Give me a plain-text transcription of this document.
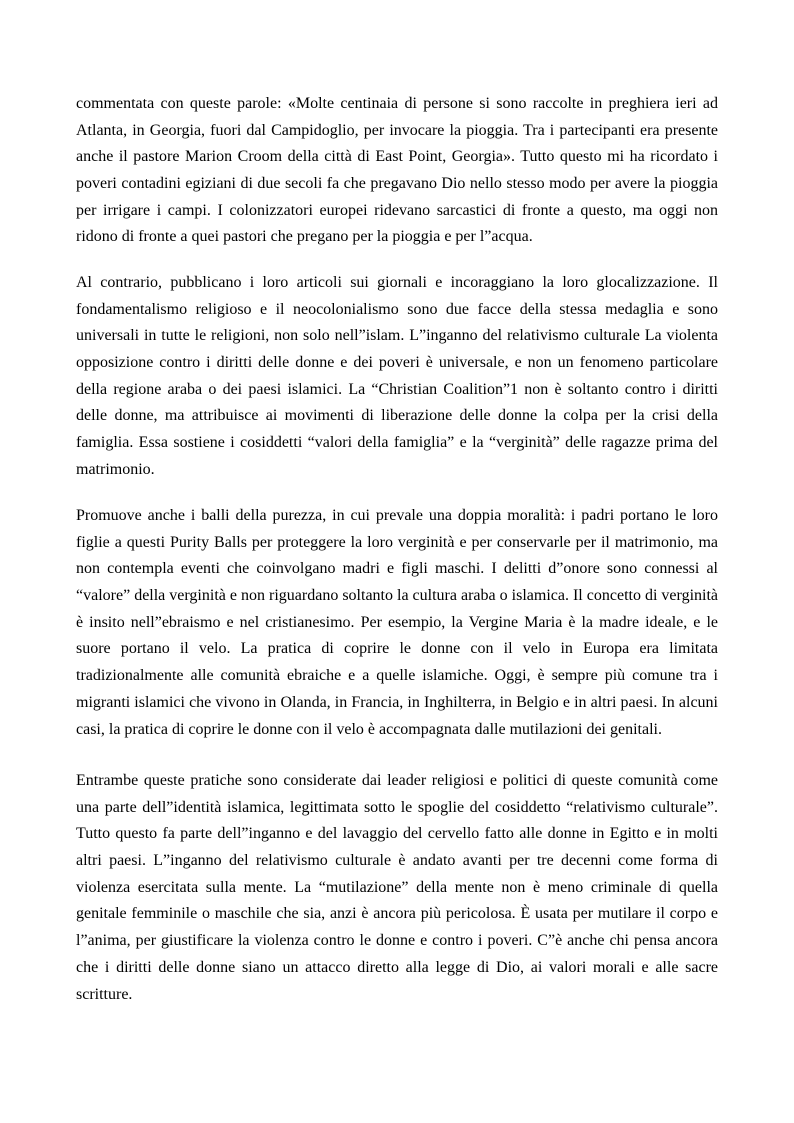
commentata con queste parole: «Molte centinaia di persone si sono raccolte in preghiera ieri ad
Atlanta, in Georgia, fuori dal Campidoglio, per invocare la pioggia. Tra i partecipanti era presente
anche il pastore Marion Croom della città di East Point, Georgia». Tutto questo mi ha ricordato i
poveri contadini egiziani di due secoli fa che pregavano Dio nello stesso modo per avere la pioggia
per irrigare i campi. I colonizzatori europei ridevano sarcastici di fronte a questo, ma oggi non
ridono di fronte a quei pastori che pregano per la pioggia e per l”acqua.
Al contrario, pubblicano i loro articoli sui giornali e incoraggiano la loro glocalizzazione. Il
fondamentalismo religioso e il neocolonialismo sono due facce della stessa medaglia e sono
universali in tutte le religioni, non solo nell”islam. L”inganno del relativismo culturale La violenta
opposizione contro i diritti delle donne e dei poveri è universale, e non un fenomeno particolare
della regione araba o dei paesi islamici. La “Christian Coalition”1 non è soltanto contro i diritti
delle donne, ma attribuisce ai movimenti di liberazione delle donne la colpa per la crisi della
famiglia. Essa sostiene i cosiddetti “valori della famiglia” e la “verginità” delle ragazze prima del
matrimonio.
Promuove anche i balli della purezza, in cui prevale una doppia moralità: i padri portano le loro
figlie a questi Purity Balls per proteggere la loro verginità e per conservarle per il matrimonio, ma
non contempla eventi che coinvolgano madri e figli maschi. I delitti d”onore sono connessi al
“valore” della verginità e non riguardano soltanto la cultura araba o islamica. Il concetto di verginità
è insito nell”ebraismo e nel cristianesimo. Per esempio, la Vergine Maria è la madre ideale, e le
suore portano il velo. La pratica di coprire le donne con il velo in Europa era limitata
tradizionalmente alle comunità ebraiche e a quelle islamiche. Oggi, è sempre più comune tra i
migranti islamici che vivono in Olanda, in Francia, in Inghilterra, in Belgio e in altri paesi. In alcuni
casi, la pratica di coprire le donne con il velo è accompagnata dalle mutilazioni dei genitali.
Entrambe queste pratiche sono considerate dai leader religiosi e politici di queste comunità come
una parte dell”identità islamica, legittimata sotto le spoglie del cosiddetto “relativismo culturale”.
Tutto questo fa parte dell”inganno e del lavaggio del cervello fatto alle donne in Egitto e in molti
altri paesi. L”inganno del relativismo culturale è andato avanti per tre decenni come forma di
violenza esercitata sulla mente. La “mutilazione” della mente non è meno criminale di quella
genitale femminile o maschile che sia, anzi è ancora più pericolosa. È usata per mutilare il corpo e
l”anima, per giustificare la violenza contro le donne e contro i poveri. C”è anche chi pensa ancora
che i diritti delle donne siano un attacco diretto alla legge di Dio, ai valori morali e alle sacre
scritture.
